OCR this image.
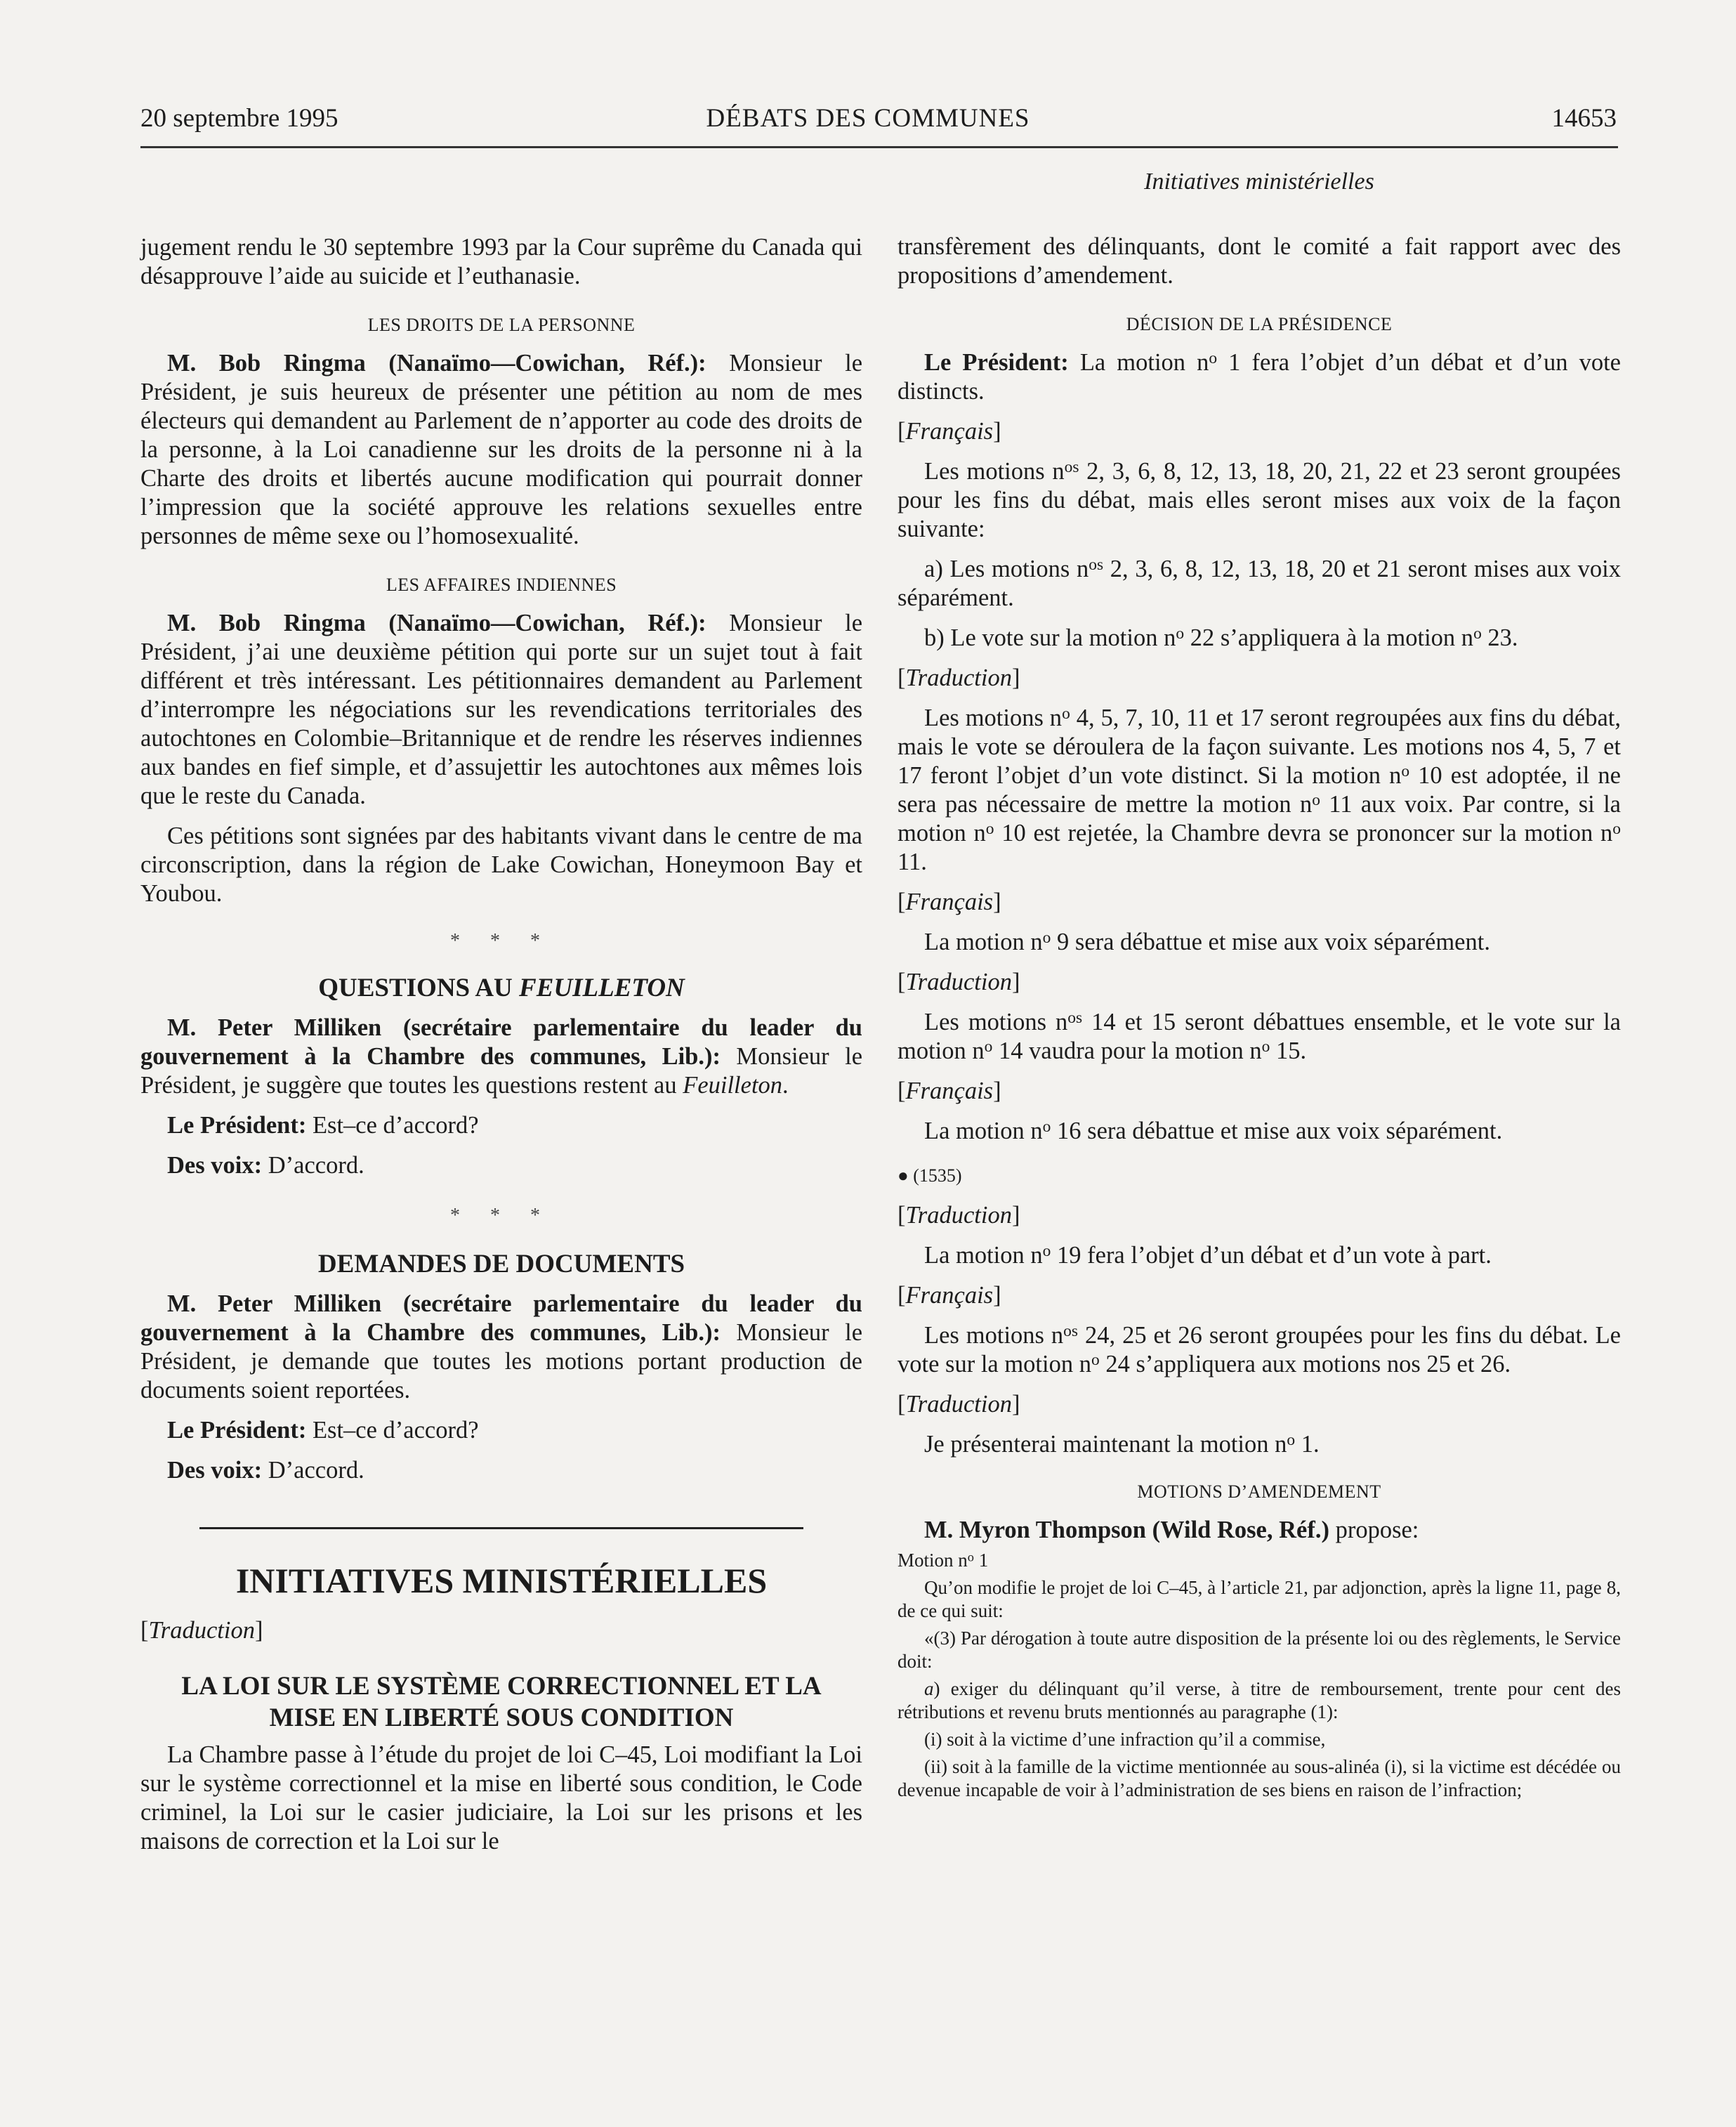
20 septembre 1995	DÉBATS DES COMMUNES	14653

jugement rendu le 30 septembre 1993 par la Cour suprême du Canada qui désapprouve l’aide au suicide et l’euthanasie.

LES DROITS DE LA PERSONNE

M. Bob Ringma (Nanaïmo—Cowichan, Réf.): Monsieur le Président, je suis heureux de présenter une pétition au nom de mes électeurs qui demandent au Parlement de n’apporter au code des droits de la personne, à la Loi canadienne sur les droits de la personne ni à la Charte des droits et libertés aucune modification qui pourrait donner l’impression que la société approuve les relations sexuelles entre personnes de même sexe ou l’homosexualité.

LES AFFAIRES INDIENNES

M. Bob Ringma (Nanaïmo—Cowichan, Réf.): Monsieur le Président, j’ai une deuxième pétition qui porte sur un sujet tout à fait différent et très intéressant. Les pétitionnaires demandent au Parlement d’interrompre les négociations sur les revendications territoriales des autochtones en Colombie–Britannique et de rendre les réserves indiennes aux bandes en fief simple, et d’assujettir les autochtones aux mêmes lois que le reste du Canada.

Ces pétitions sont signées par des habitants vivant dans le centre de ma circonscription, dans la région de Lake Cowichan, Honeymoon Bay et Youbou.

* * *

QUESTIONS AU FEUILLETON

M. Peter Milliken (secrétaire parlementaire du leader du gouvernement à la Chambre des communes, Lib.): Monsieur le Président, je suggère que toutes les questions restent au Feuilleton.

Le Président: Est–ce d’accord?

Des voix: D’accord.

* * *

DEMANDES DE DOCUMENTS

M. Peter Milliken (secrétaire parlementaire du leader du gouvernement à la Chambre des communes, Lib.): Monsieur le Président, je demande que toutes les motions portant production de documents soient reportées.

Le Président: Est–ce d’accord?

Des voix: D’accord.

INITIATIVES MINISTÉRIELLES

[Traduction]

LA LOI SUR LE SYSTÈME CORRECTIONNEL ET LA MISE EN LIBERTÉ SOUS CONDITION

La Chambre passe à l’étude du projet de loi C–45, Loi modifiant la Loi sur le système correctionnel et la mise en liberté sous condition, le Code criminel, la Loi sur le casier judiciaire, la Loi sur les prisons et les maisons de correction et la Loi sur le

Initiatives ministérielles

transfèrement des délinquants, dont le comité a fait rapport avec des propositions d’amendement.

DÉCISION DE LA PRÉSIDENCE

Le Président: La motion $n^o$ 1 fera l’objet d’un débat et d’un vote distincts.

[Français]

Les motions $n^{os}$ 2, 3, 6, 8, 12, 13, 18, 20, 21, 22 et 23 seront groupées pour les fins du débat, mais elles seront mises aux voix de la façon suivante:

a) Les motions $n^{os}$ 2, 3, 6, 8, 12, 13, 18, 20 et 21 seront mises aux voix séparément.

b) Le vote sur la motion $n^o$ 22 s’appliquera à la motion $n^o$ 23.

[Traduction]

Les motions $n^o$ 4, 5, 7, 10, 11 et 17 seront regroupées aux fins du débat, mais le vote se déroulera de la façon suivante. Les motions nos 4, 5, 7 et 17 feront l’objet d’un vote distinct. Si la motion $n^o$ 10 est adoptée, il ne sera pas nécessaire de mettre la motion $n^o$ 11 aux voix. Par contre, si la motion $n^o$ 10 est rejetée, la Chambre devra se prononcer sur la motion $n^o$ 11.

[Français]

La motion $n^o$ 9 sera débattue et mise aux voix séparément.

[Traduction]

Les motions $n^{os}$ 14 et 15 seront débattues ensemble, et le vote sur la motion $n^o$ 14 vaudra pour la motion $n^o$ 15.

[Français]

La motion $n^o$ 16 sera débattue et mise aux voix séparément.

● (1535)

[Traduction]

La motion $n^o$ 19 fera l’objet d’un débat et d’un vote à part.

[Français]

Les motions $n^{os}$ 24, 25 et 26 seront groupées pour les fins du débat. Le vote sur la motion $n^o$ 24 s’appliquera aux motions nos 25 et 26.

[Traduction]

Je présenterai maintenant la motion $n^o$ 1.

MOTIONS D’AMENDEMENT

M. Myron Thompson (Wild Rose, Réf.) propose:

Motion $n^o$ 1

Qu’on modifie le projet de loi C–45, à l’article 21, par adjonction, après la ligne 11, page 8, de ce qui suit:

«(3) Par dérogation à toute autre disposition de la présente loi ou des règlements, le Service doit:

a) exiger du délinquant qu’il verse, à titre de remboursement, trente pour cent des rétributions et revenu bruts mentionnés au paragraphe (1):

(i) soit à la victime d’une infraction qu’il a commise,

(ii) soit à la famille de la victime mentionnée au sous-alinéa (i), si la victime est décédée ou devenue incapable de voir à l’administration de ses biens en raison de l’infraction;
